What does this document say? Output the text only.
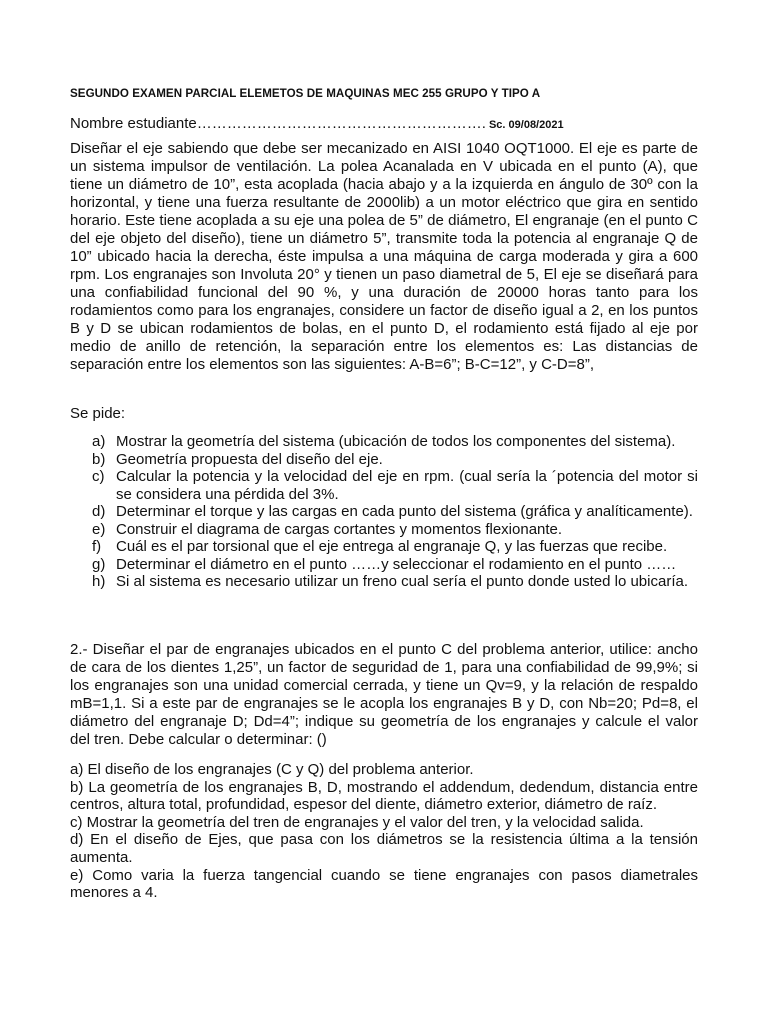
SEGUNDO EXAMEN PARCIAL ELEMETOS DE MAQUINAS MEC 255 GRUPO Y TIPO A
Nombre estudiante…………………………………………………. Sc. 09/08/2021

Diseñar el eje sabiendo que debe ser mecanizado en AISI 1040 OQT1000. El eje es parte de un sistema impulsor de ventilación. La polea Acanalada en V ubicada en el punto (A), que tiene un diámetro de 10”, esta acoplada (hacia abajo y a la izquierda en ángulo de 30º con la horizontal, y tiene una fuerza resultante de 2000lib) a un motor eléctrico que gira en sentido horario. Este tiene acoplada a su eje una polea de 5” de diámetro, El engranaje (en el punto C del eje objeto del diseño), tiene un diámetro 5”, transmite toda la potencia al engranaje Q de 10” ubicado hacia la derecha, éste impulsa a una máquina de carga moderada y gira a 600 rpm. Los engranajes son Involuta 20° y tienen un paso diametral de 5, El eje se diseñará para una confiabilidad funcional del 90 %, y una duración de 20000 horas tanto para los rodamientos como para los engranajes, considere un factor de diseño igual a 2, en los puntos B y D se ubican rodamientos de bolas, en el punto D, el rodamiento está fijado al eje por medio de anillo de retención, la separación entre los elementos es: Las distancias de separación entre los elementos son las siguientes: A-B=6”; B-C=12”, y C-D=8”,

Se pide:

a) Mostrar la geometría del sistema (ubicación de todos los componentes del sistema).
b) Geometría propuesta del diseño del eje.
c) Calcular la potencia y la velocidad del eje en rpm. (cual sería la ´potencia del motor si se considera una pérdida del 3%.
d) Determinar el torque y las cargas en cada punto del sistema (gráfica y analíticamente).
e) Construir el diagrama de cargas cortantes y momentos flexionante.
f) Cuál es el par torsional que el eje entrega al engranaje Q, y las fuerzas que recibe.
g) Determinar el diámetro en el punto ……y seleccionar el rodamiento en el punto ……
h) Si al sistema es necesario utilizar un freno cual sería el punto donde usted lo ubicaría.

2.- Diseñar el par de engranajes ubicados en el punto C del problema anterior, utilice: ancho de cara de los dientes 1,25”, un factor de seguridad de 1, para una confiabilidad de 99,9%; si los engranajes son una unidad comercial cerrada, y tiene un Qv=9, y la relación de respaldo mB=1,1. Si a este par de engranajes se le acopla los engranajes B y D, con Nb=20; Pd=8, el diámetro del engranaje D; Dd=4”; indique su geometría de los engranajes y calcule el valor del tren. Debe calcular o determinar: ()

a) El diseño de los engranajes (C y Q) del problema anterior.
b) La geometría de los engranajes B, D, mostrando el addendum, dedendum, distancia entre centros, altura total, profundidad, espesor del diente, diámetro exterior, diámetro de raíz.
c) Mostrar la geometría del tren de engranajes y el valor del tren, y la velocidad salida.
d) En el diseño de Ejes, que pasa con los diámetros se la resistencia última a la tensión aumenta.
e) Como varia la fuerza tangencial cuando se tiene engranajes con pasos diametrales menores a 4.
